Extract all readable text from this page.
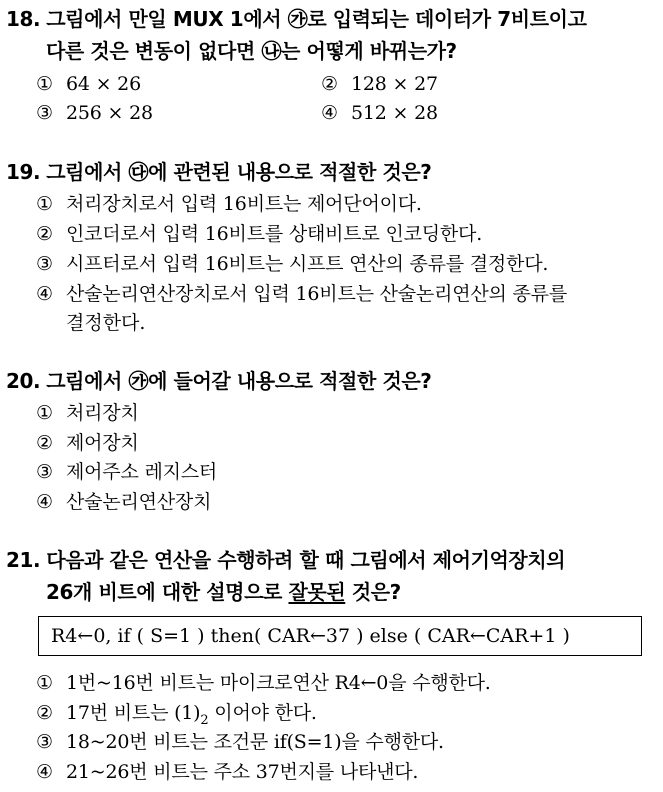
18. 그림에서 만일 MUX 1에서 ㉮로 입력되는 데이터가 7비트이고
다른 것은 변동이 없다면 ㉯는 어떻게 바뀌는가?
① 64 × 26	② 128 × 27
③ 256 × 28	④ 512 × 28
19. 그림에서 ㉰에 관련된 내용으로 적절한 것은?
① 처리장치로서 입력 16비트는 제어단어이다.
② 인코더로서 입력 16비트를 상태비트로 인코딩한다.
③ 시프터로서 입력 16비트는 시프트 연산의 종류를 결정한다.
④ 산술논리연산장치로서 입력 16비트는 산술논리연산의 종류를
결정한다.
20. 그림에서 ㉮에 들어갈 내용으로 적절한 것은?
① 처리장치
② 제어장치
③ 제어주소 레지스터
④ 산술논리연산장치
21. 다음과 같은 연산을 수행하려 할 때 그림에서 제어기억장치의
26개 비트에 대한 설명으로 잘못된 것은?
R4←0, if ( S=1 ) then( CAR←37 ) else ( CAR←CAR+1 )
① 1번~16번 비트는 마이크로연산 R4←0을 수행한다.
② 17번 비트는 $(1)_2$ 이어야 한다.
③ 18~20번 비트는 조건문 if(S=1)을 수행한다.
④ 21~26번 비트는 주소 37번지를 나타낸다.
